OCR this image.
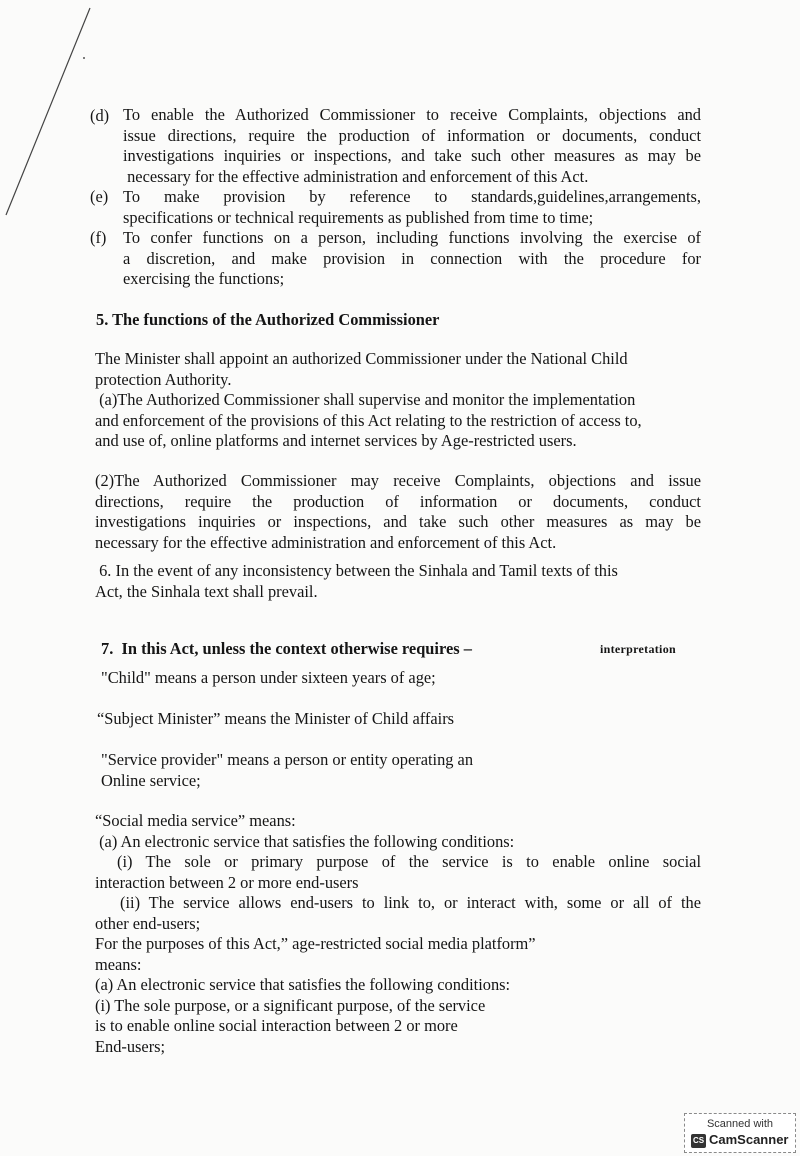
(d) To enable the Authorized Commissioner to receive Complaints, objections and
issue directions, require the production of information or documents, conduct
investigations inquiries or inspections, and take such other measures as may be
necessary for the effective administration and enforcement of this Act.
(e) To make provision by reference to standards,guidelines,arrangements,
specifications or technical requirements as published from time to time;
(f) To confer functions on a person, including functions involving the exercise of
a discretion, and make provision in connection with the procedure for
exercising the functions;
5. The functions of the Authorized Commissioner
The Minister shall appoint an authorized Commissioner under the National Child
protection Authority.
(a)The Authorized Commissioner shall supervise and monitor the implementation
and enforcement of the provisions of this Act relating to the restriction of access to,
and use of, online platforms and internet services by Age-restricted users.
(2)The Authorized Commissioner may receive Complaints, objections and issue
directions, require the production of information or documents, conduct
investigations inquiries or inspections, and take such other measures as may be
necessary for the effective administration and enforcement of this Act.
6. In the event of any inconsistency between the Sinhala and Tamil texts of this
Act, the Sinhala text shall prevail.
7.  In this Act, unless the context otherwise requires –	interpretation
"Child" means a person under sixteen years of age;
“Subject Minister” means the Minister of Child affairs
"Service provider" means a person or entity operating an
Online service;
“Social media service” means:
(a) An electronic service that satisfies the following conditions:
(i) The sole or primary purpose of the service is to enable online social
interaction between 2 or more end-users
(ii) The service allows end-users to link to, or interact with, some or all of the
other end-users;
For the purposes of this Act,” age-restricted social media platform”
means:
(a) An electronic service that satisfies the following conditions:
(i) The sole purpose, or a significant purpose, of the service
is to enable online social interaction between 2 or more
End-users;
Scanned with
CS CamScanner
